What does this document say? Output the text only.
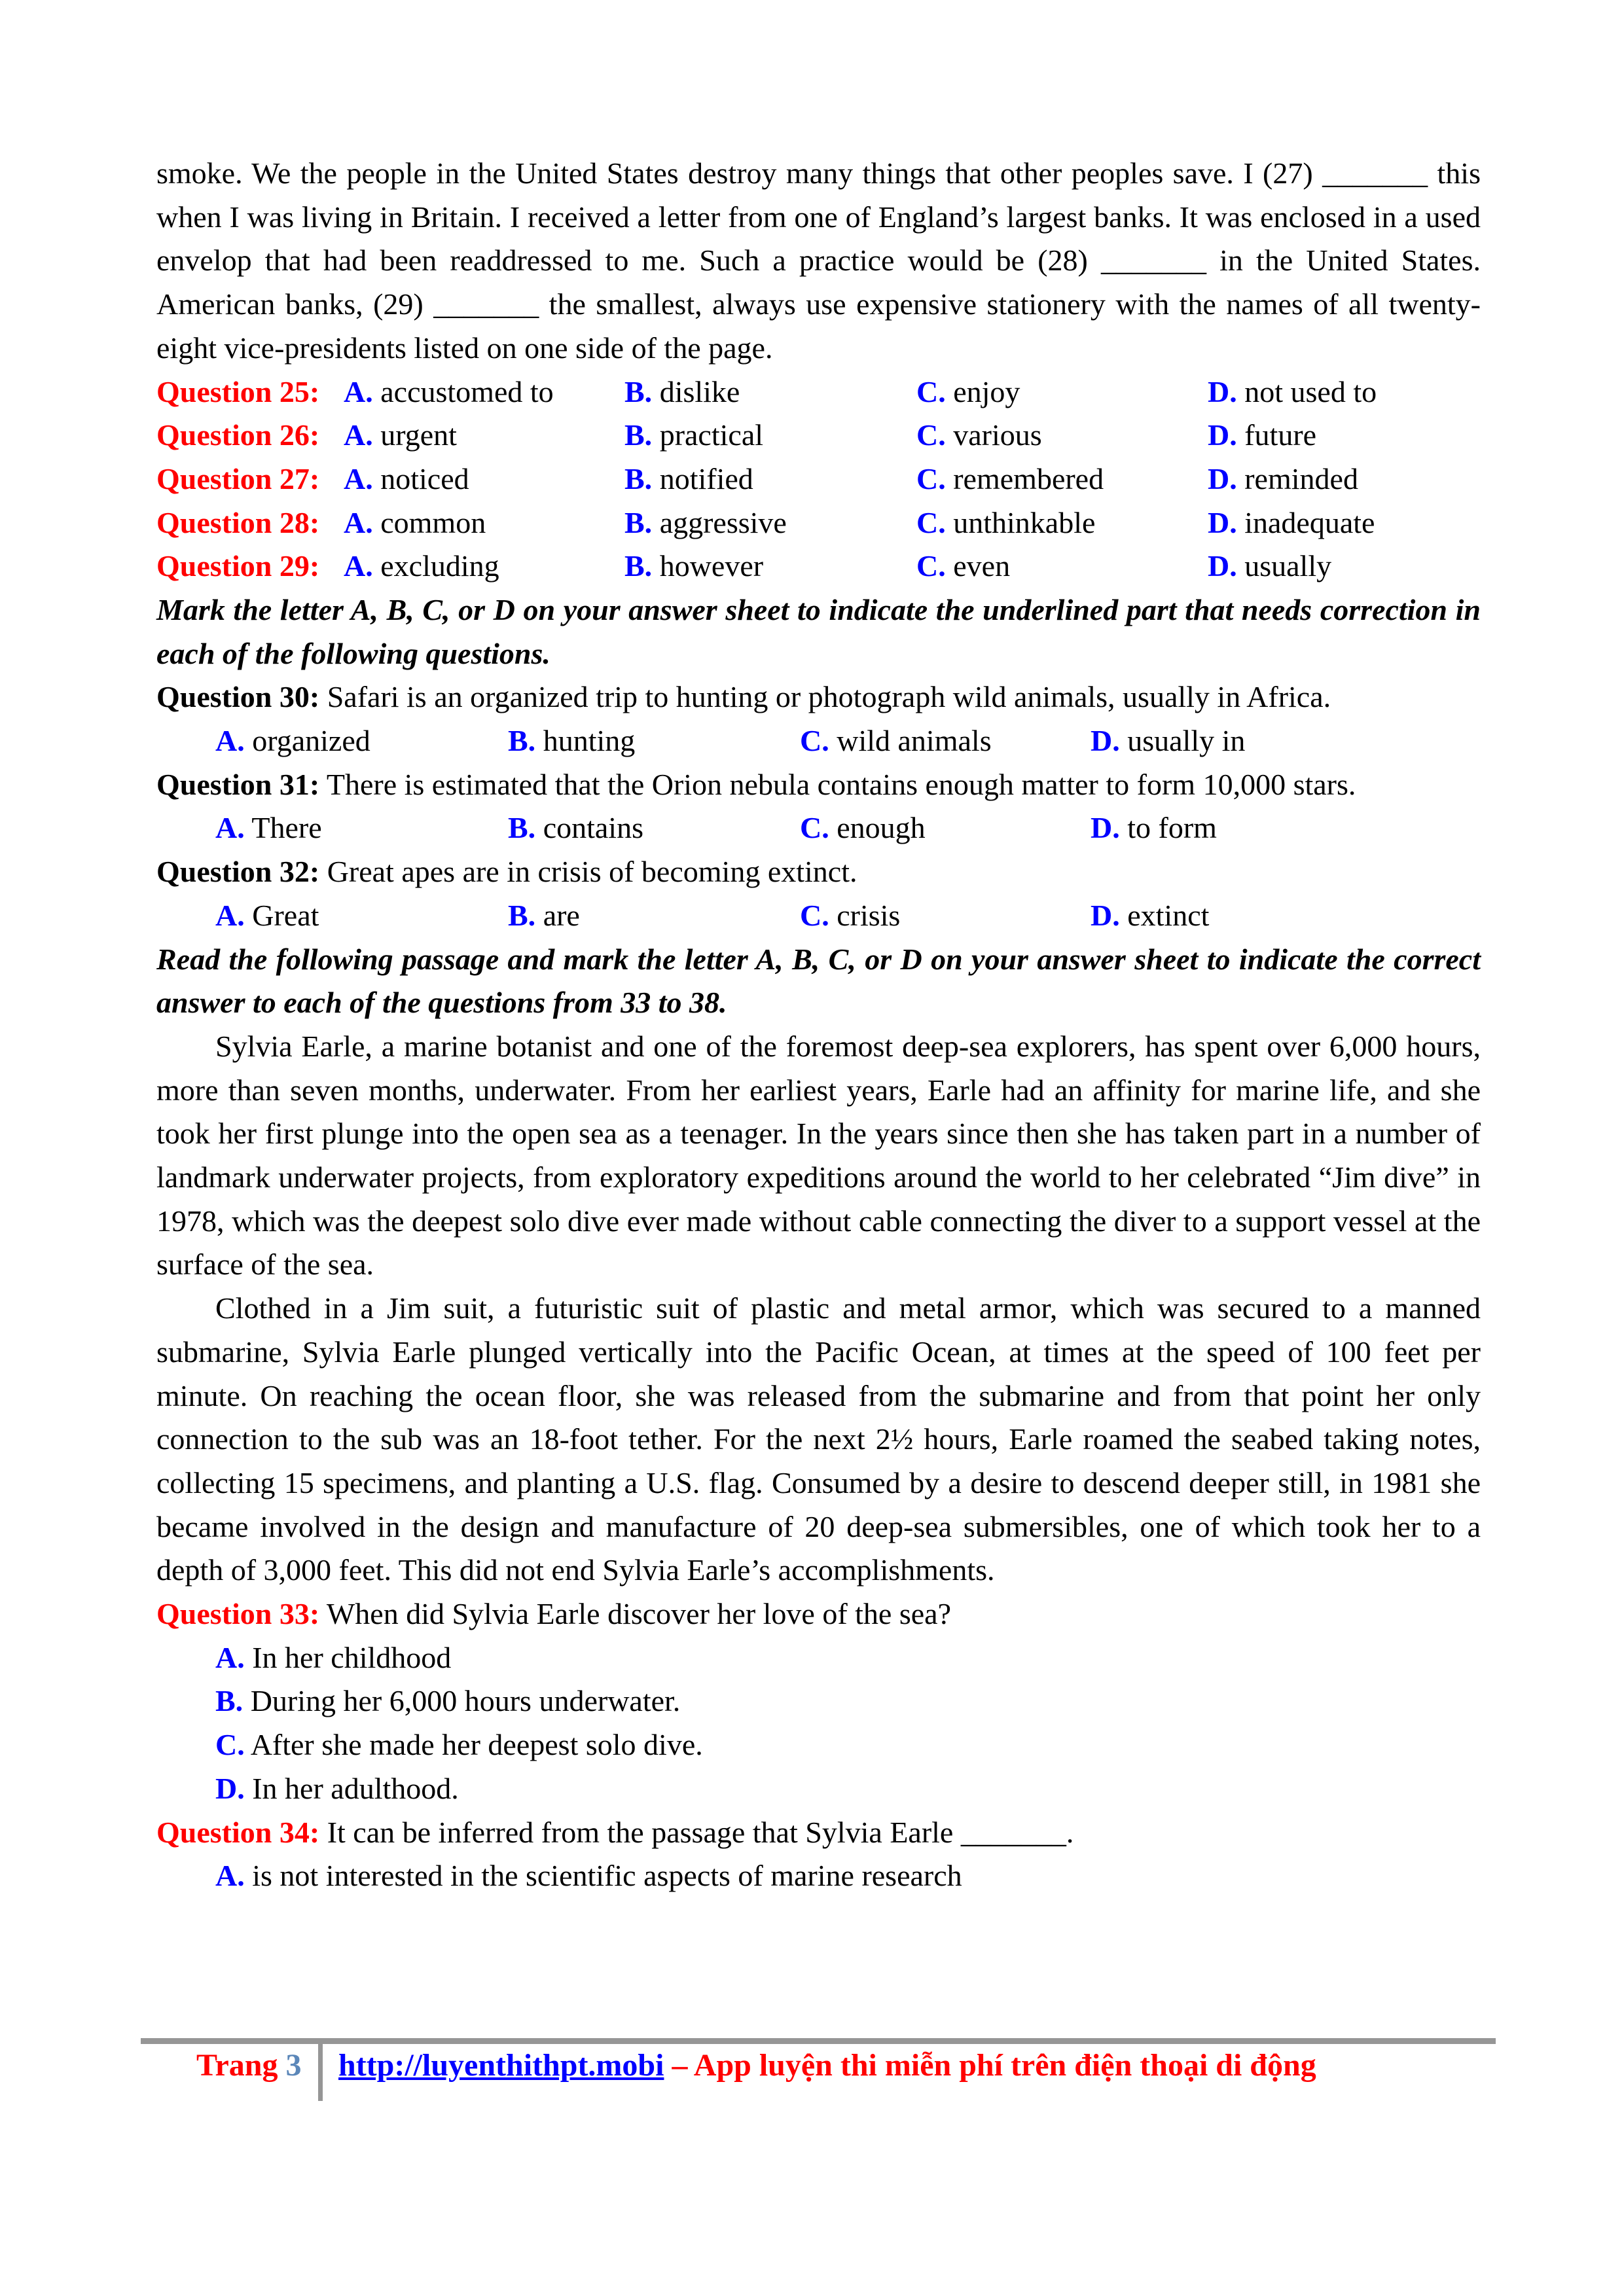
smoke. We the people in the United States destroy many things that other peoples save. I (27) _______ this when I was living in Britain. I received a letter from one of England’s largest banks. It was enclosed in a used envelop that had been readdressed to me. Such a practice would be (28) _______ in the United States. American banks, (29) _______ the smallest, always use expensive stationery with the names of all twenty-eight vice-presidents listed on one side of the page.

Question 25: A. accustomed to B. dislike	C. enjoy	D. not used to
Question 26: A. urgent	B. practical	C. various	D. future
Question 27: A. noticed	B. notified	C. remembered	D. reminded
Question 28: A. common	B. aggressive	C. unthinkable	D. inadequate
Question 29: A. excluding	B. however	C. even	D. usually

Mark the letter A, B, C, or D on your answer sheet to indicate the underlined part that needs correction in each of the following questions.

Question 30: Safari is an organized trip to hunting or photograph wild animals, usually in Africa.
A. organized	B. hunting	C. wild animals	D. usually in
Question 31: There is estimated that the Orion nebula contains enough matter to form 10,000 stars.
A. There	B. contains	C. enough	D. to form
Question 32: Great apes are in crisis of becoming extinct.
A. Great	B. are	C. crisis	D. extinct

Read the following passage and mark the letter A, B, C, or D on your answer sheet to indicate the correct answer to each of the questions from 33 to 38.

Sylvia Earle, a marine botanist and one of the foremost deep-sea explorers, has spent over 6,000 hours, more than seven months, underwater. From her earliest years, Earle had an affinity for marine life, and she took her first plunge into the open sea as a teenager. In the years since then she has taken part in a number of landmark underwater projects, from exploratory expeditions around the world to her celebrated “Jim dive” in 1978, which was the deepest solo dive ever made without cable connecting the diver to a support vessel at the surface of the sea.

Clothed in a Jim suit, a futuristic suit of plastic and metal armor, which was secured to a manned submarine, Sylvia Earle plunged vertically into the Pacific Ocean, at times at the speed of 100 feet per minute. On reaching the ocean floor, she was released from the submarine and from that point her only connection to the sub was an 18-foot tether. For the next 2½ hours, Earle roamed the seabed taking notes, collecting 15 specimens, and planting a U.S. flag. Consumed by a desire to descend deeper still, in 1981 she became involved in the design and manufacture of 20 deep-sea submersibles, one of which took her to a depth of 3,000 feet. This did not end Sylvia Earle’s accomplishments.

Question 33: When did Sylvia Earle discover her love of the sea?
A. In her childhood
B. During her 6,000 hours underwater.
C. After she made her deepest solo dive.
D. In her adulthood.
Question 34: It can be inferred from the passage that Sylvia Earle _______.
A. is not interested in the scientific aspects of marine research
Trang 3 http://luyenthithpt.mobi – App luyện thi miễn phí trên điện thoại di động
